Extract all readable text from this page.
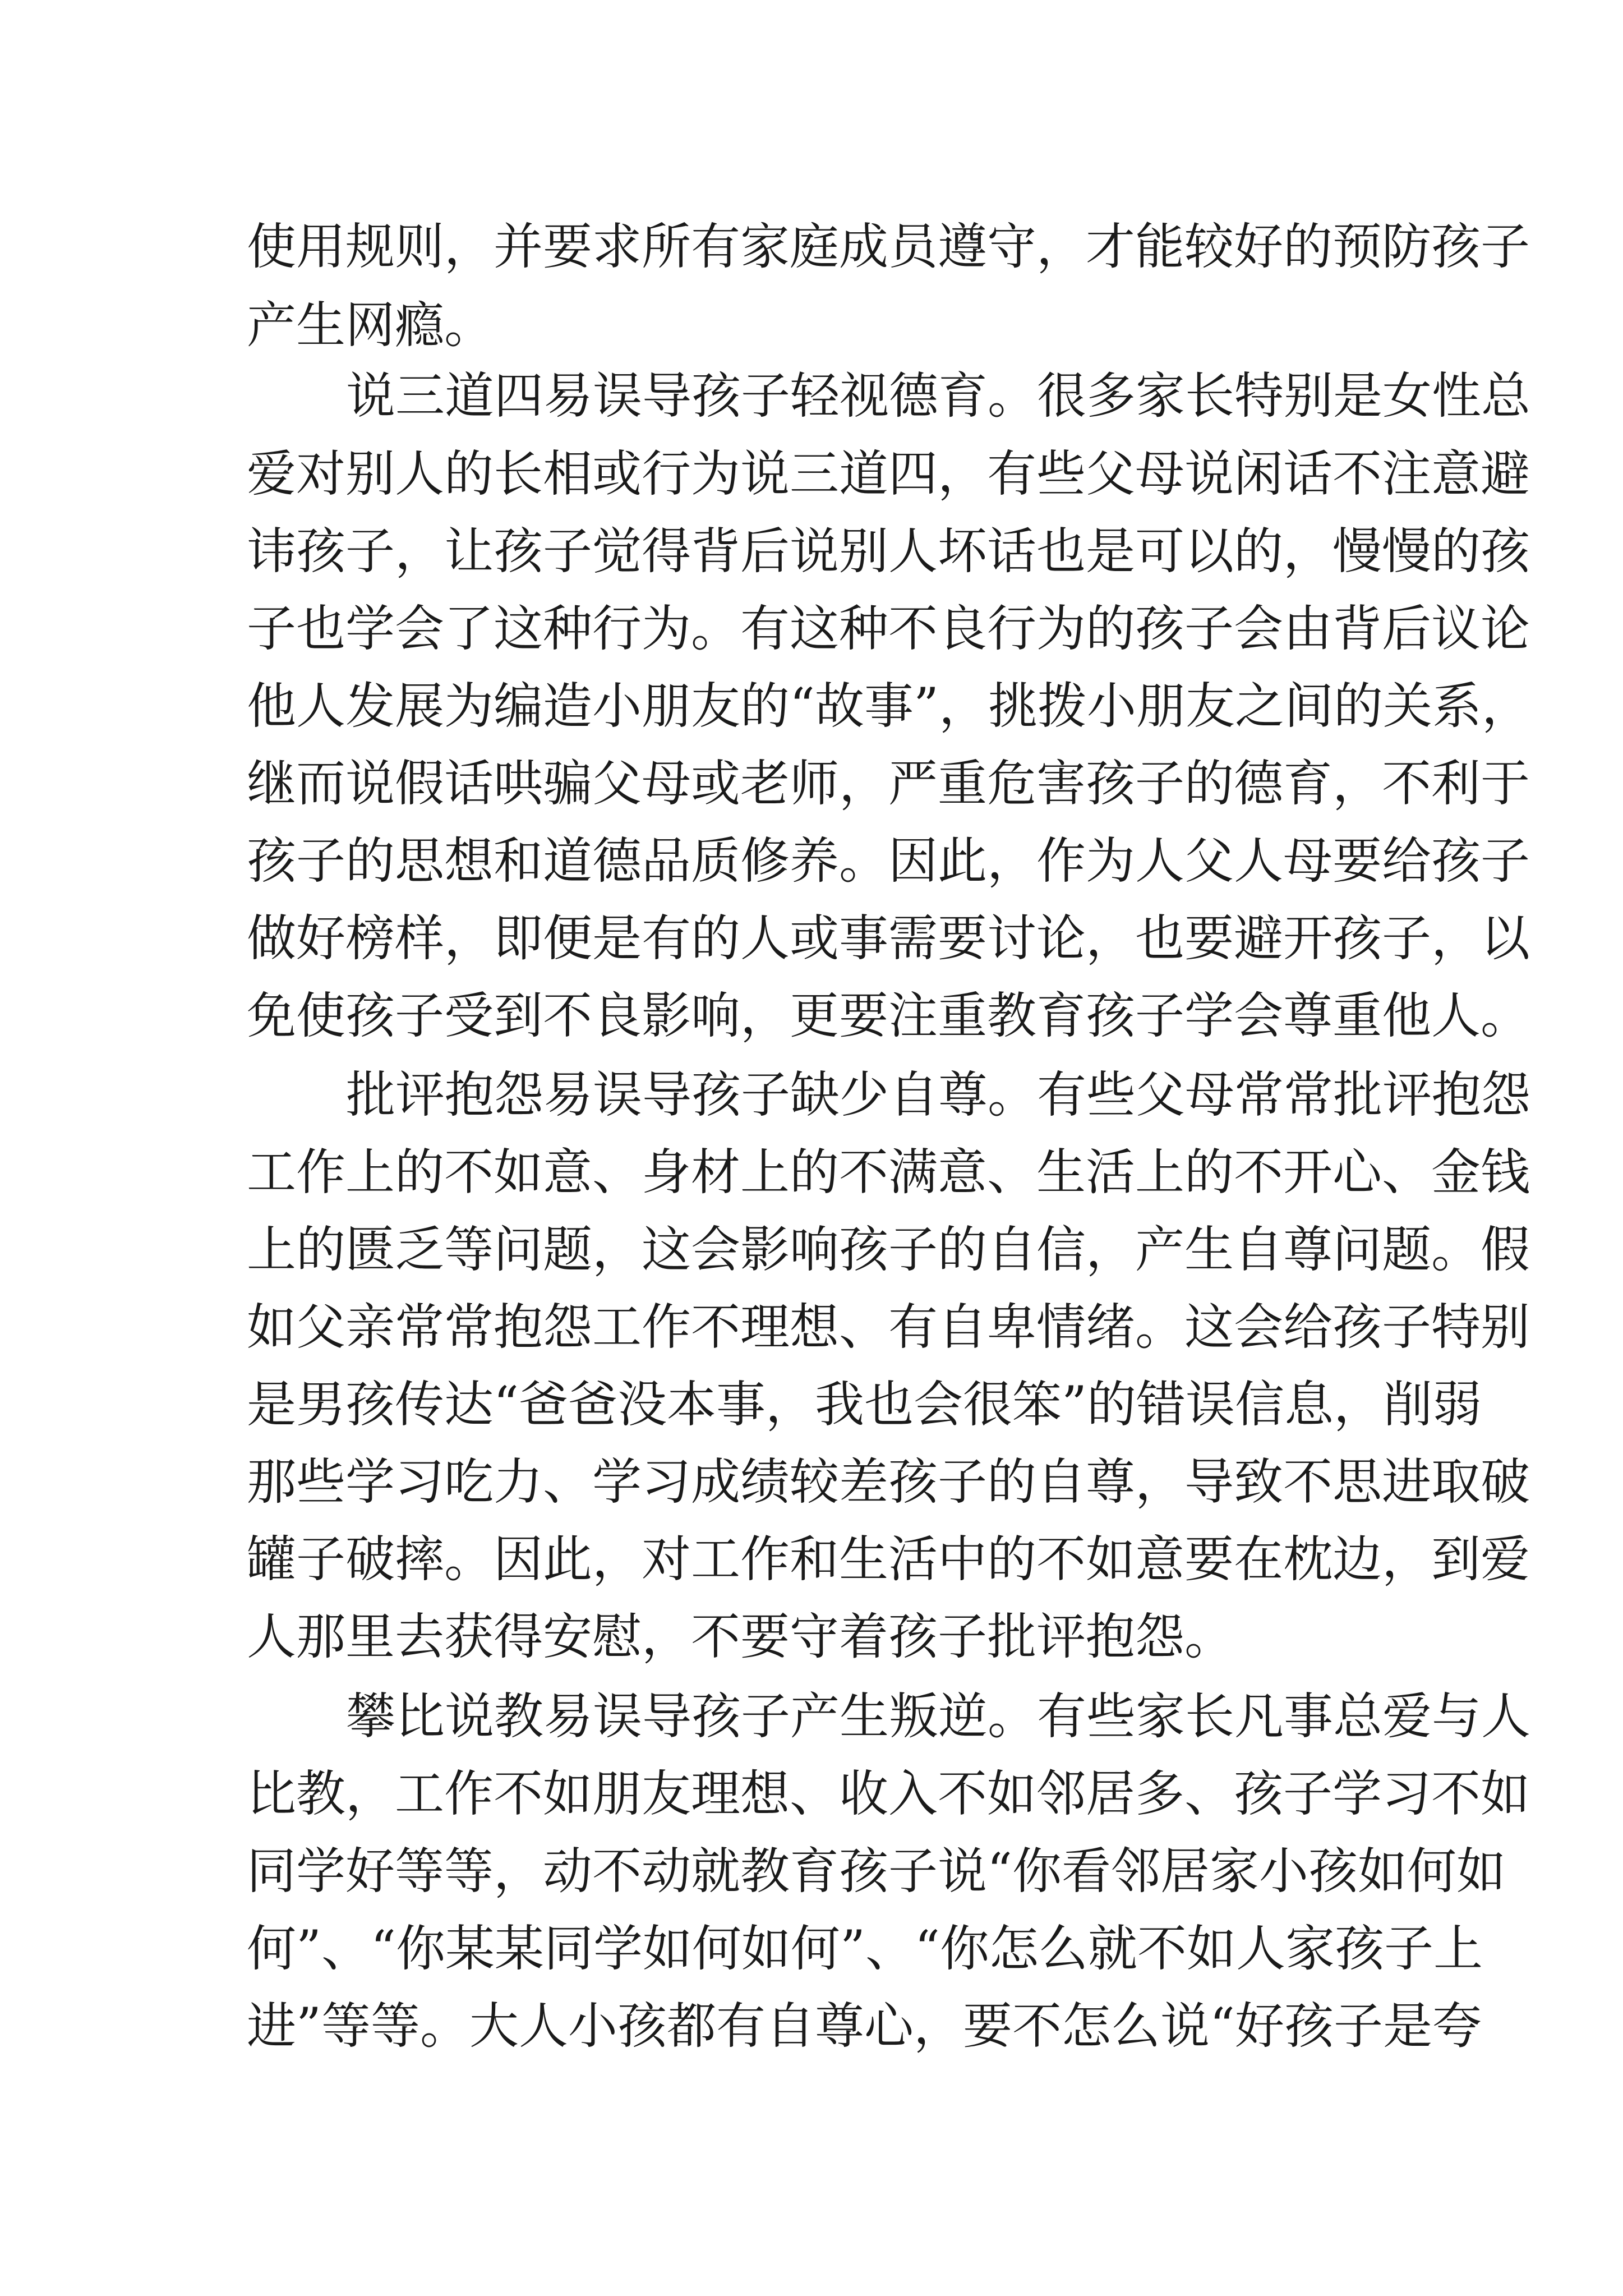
使用规则，并要求所有家庭成员遵守，才能较好的预防孩子
产生网瘾。
说三道四易误导孩子轻视德育。很多家长特别是女性总
爱对别人的长相或行为说三道四，有些父母说闲话不注意避
讳孩子，让孩子觉得背后说别人坏话也是可以的，慢慢的孩
子也学会了这种行为。有这种不良行为的孩子会由背后议论
他人发展为编造小朋友的“故事”，挑拨小朋友之间的关系，
继而说假话哄骗父母或老师，严重危害孩子的德育，不利于
孩子的思想和道德品质修养。因此，作为人父人母要给孩子
做好榜样，即便是有的人或事需要讨论，也要避开孩子，以
免使孩子受到不良影响，更要注重教育孩子学会尊重他人。
批评抱怨易误导孩子缺少自尊。有些父母常常批评抱怨
工作上的不如意、身材上的不满意、生活上的不开心、金钱
上的匮乏等问题，这会影响孩子的自信，产生自尊问题。假
如父亲常常抱怨工作不理想、有自卑情绪。这会给孩子特别
是男孩传达“爸爸没本事，我也会很笨”的错误信息，削弱
那些学习吃力、学习成绩较差孩子的自尊，导致不思进取破
罐子破摔。因此，对工作和生活中的不如意要在枕边，到爱
人那里去获得安慰，不要守着孩子批评抱怨。
攀比说教易误导孩子产生叛逆。有些家长凡事总爱与人
比教，工作不如朋友理想、收入不如邻居多、孩子学习不如
同学好等等，动不动就教育孩子说“你看邻居家小孩如何如
何”、“你某某同学如何如何”、“你怎么就不如人家孩子上
进”等等。大人小孩都有自尊心，要不怎么说“好孩子是夸
